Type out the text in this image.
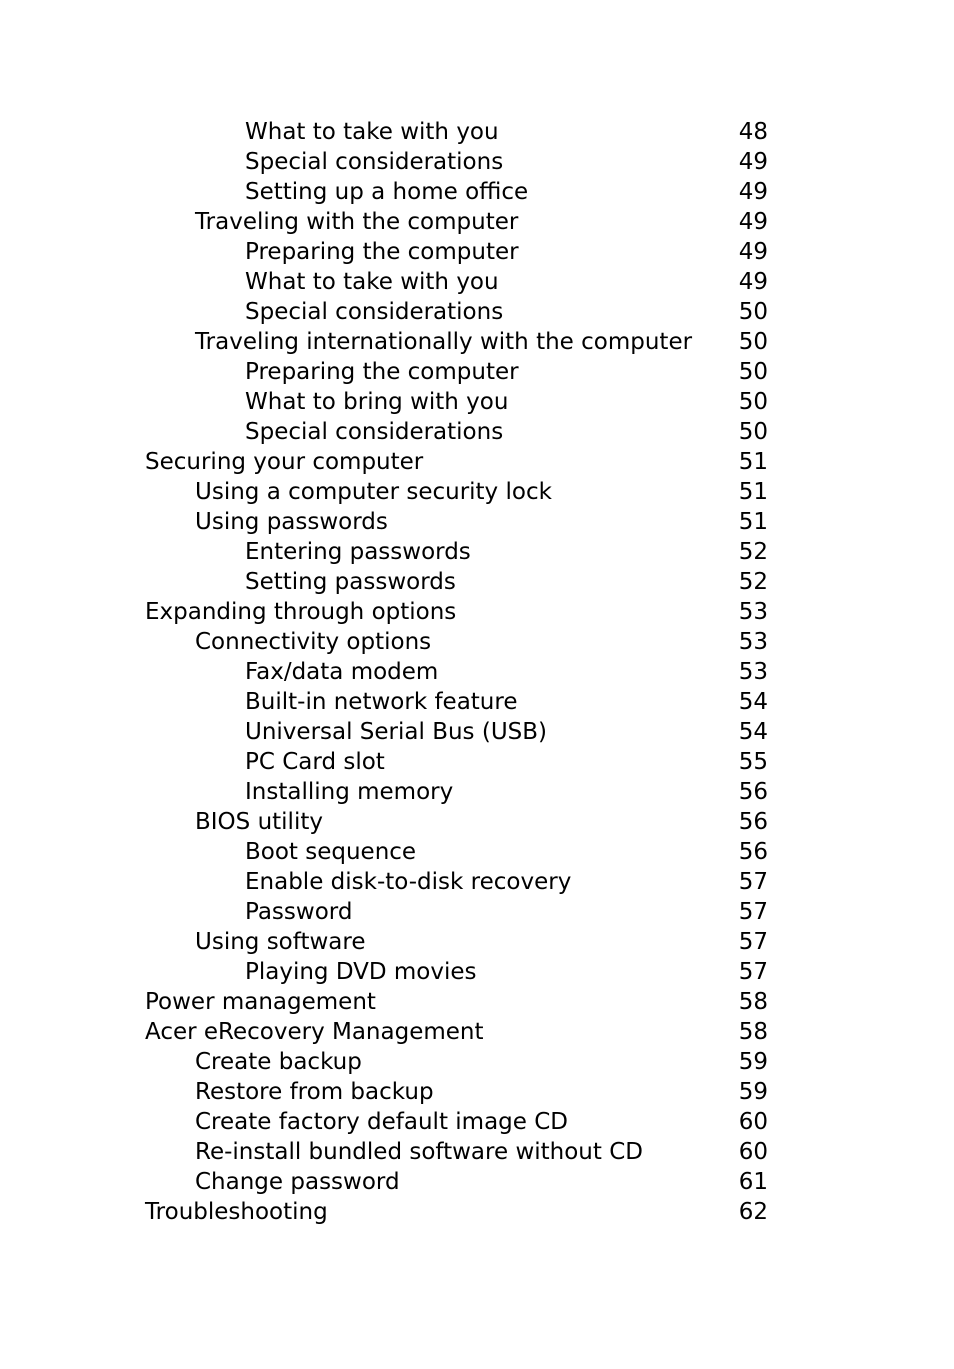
What to take with you	48
Special considerations	49
Setting up a home office	49
Traveling with the computer	49
Preparing the computer	49
What to take with you	49
Special considerations	50
Traveling internationally with the computer 50
Preparing the computer	50
What to bring with you	50
Special considerations	50
Securing your computer	51
Using a computer security lock	51
Using passwords	51
Entering passwords	52
Setting passwords	52
Expanding through options	53
Connectivity options	53
Fax/data modem	53
Built-in network feature	54
Universal Serial Bus (USB)	54
PC Card slot	55
Installing memory	56
BIOS utility	56
Boot sequence	56
Enable disk-to-disk recovery	57
Password	57
Using software	57
Playing DVD movies	57
Power management	58
Acer eRecovery Management	58
Create backup	59
Restore from backup	59
Create factory default image CD	60
Re-install bundled software without CD	60
Change password	61
Troubleshooting	62
